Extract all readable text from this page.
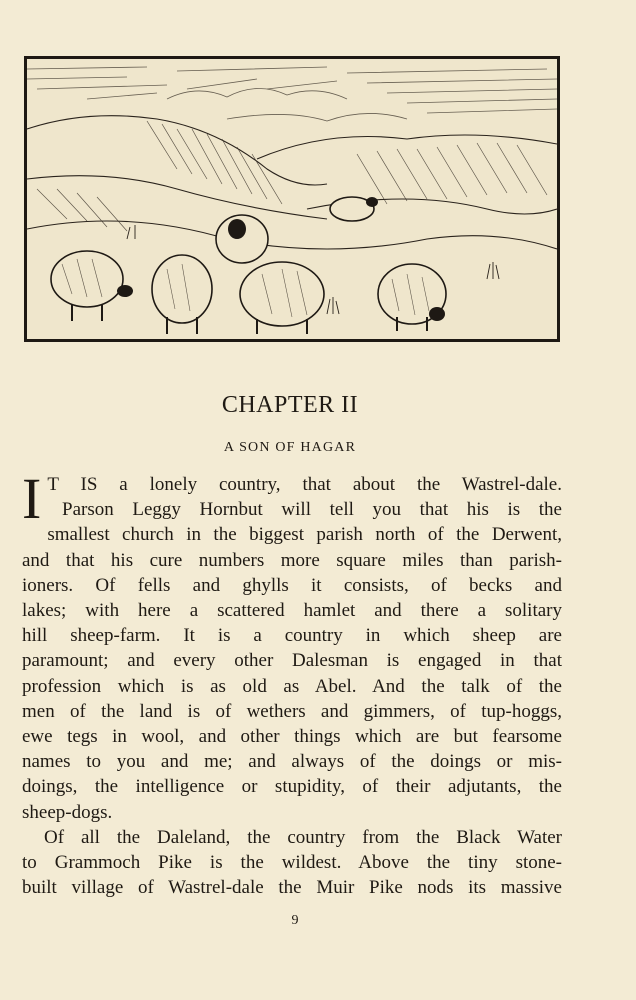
CHAPTER II
A SON OF HAGAR
I T IS a lonely country, that about the Wastrel-dale.
Parson Leggy Hornbut will tell you that his is the
smallest church in the biggest parish north of the Derwent,
and that his cure numbers more square miles than parish-
ioners. Of fells and ghylls it consists, of becks and
lakes; with here a scattered hamlet and there a solitary
hill sheep-farm. It is a country in which sheep are
paramount; and every other Dalesman is engaged in that
profession which is as old as Abel. And the talk of the
men of the land is of wethers and gimmers, of tup-hoggs,
ewe tegs in wool, and other things which are but fearsome
names to you and me; and always of the doings or mis-
doings, the intelligence or stupidity, of their adjutants, the
sheep-dogs.
Of all the Daleland, the country from the Black Water
to Grammoch Pike is the wildest. Above the tiny stone-
built village of Wastrel-dale the Muir Pike nods its massive
9
